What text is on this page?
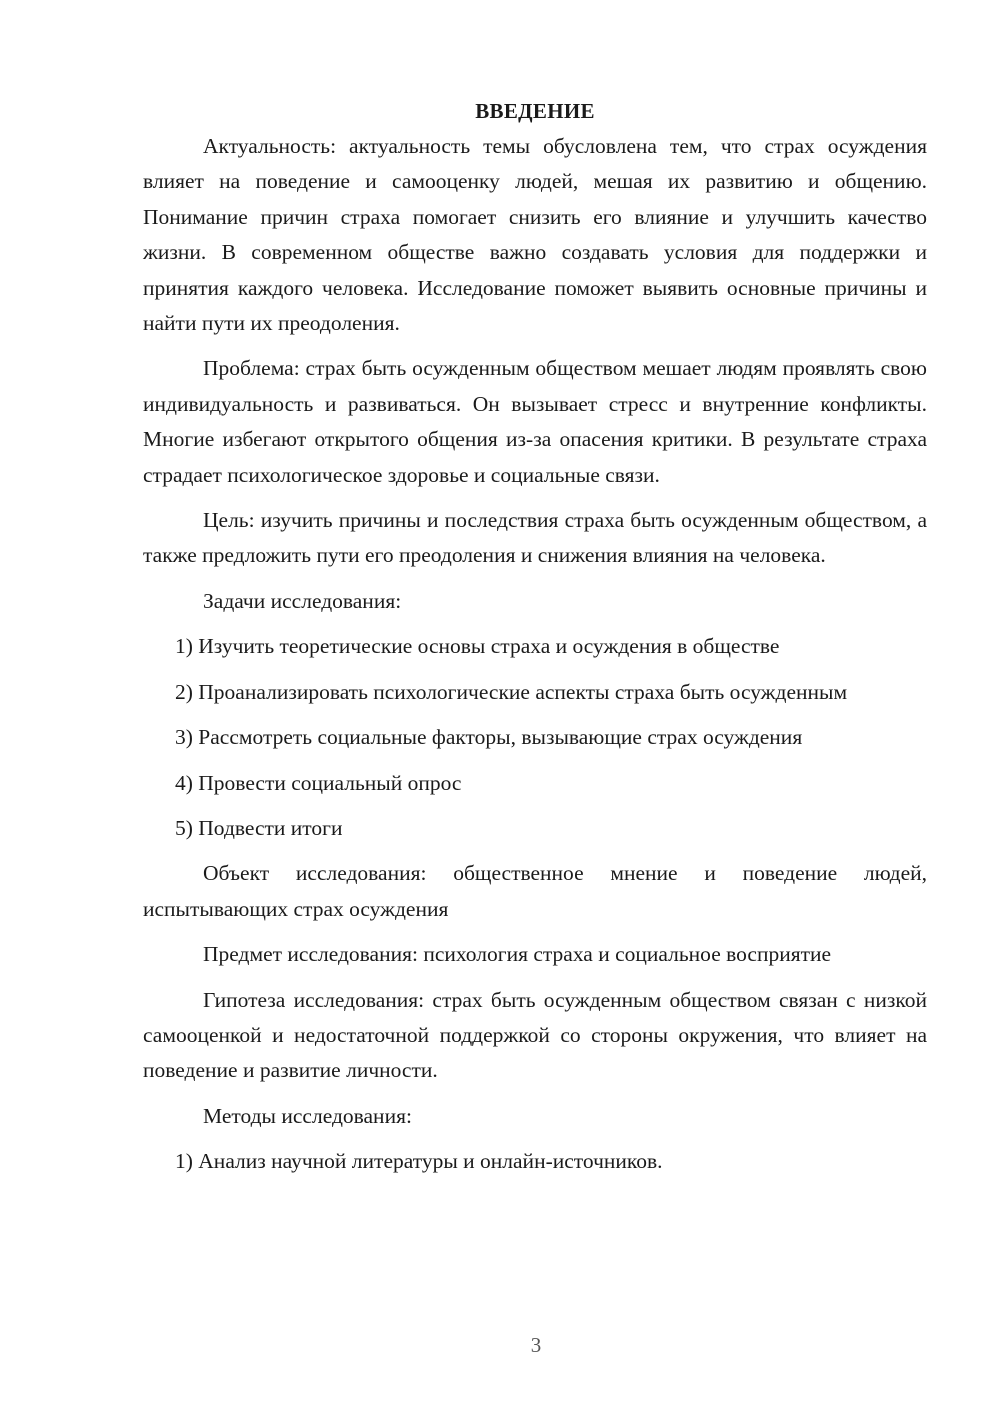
ВВЕДЕНИЕ

Актуальность: актуальность темы обусловлена тем, что страх осуждения влияет на поведение и самооценку людей, мешая их развитию и общению. Понимание причин страха помогает снизить его влияние и улучшить качество жизни. В современном обществе важно создавать условия для поддержки и принятия каждого человека. Исследование поможет выявить основные причины и найти пути их преодоления.

Проблема: страх быть осужденным обществом мешает людям проявлять свою индивидуальность и развиваться. Он вызывает стресс и внутренние конфликты. Многие избегают открытого общения из-за опасения критики. В результате страха страдает психологическое здоровье и социальные связи.

Цель: изучить причины и последствия страха быть осужденным обществом, а также предложить пути его преодоления и снижения влияния на человека.

Задачи исследования:

1) Изучить теоретические основы страха и осуждения в обществе

2) Проанализировать психологические аспекты страха быть осужденным

3) Рассмотреть социальные факторы, вызывающие страх осуждения

4) Провести социальный опрос

5) Подвести итоги

Объект исследования: общественное мнение и поведение людей, испытывающих страх осуждения

Предмет исследования: психология страха и социальное восприятие

Гипотеза исследования: страх быть осужденным обществом связан с низкой самооценкой и недостаточной поддержкой со стороны окружения, что влияет на поведение и развитие личности.

Методы исследования:

1) Анализ научной литературы и онлайн-источников.

3
